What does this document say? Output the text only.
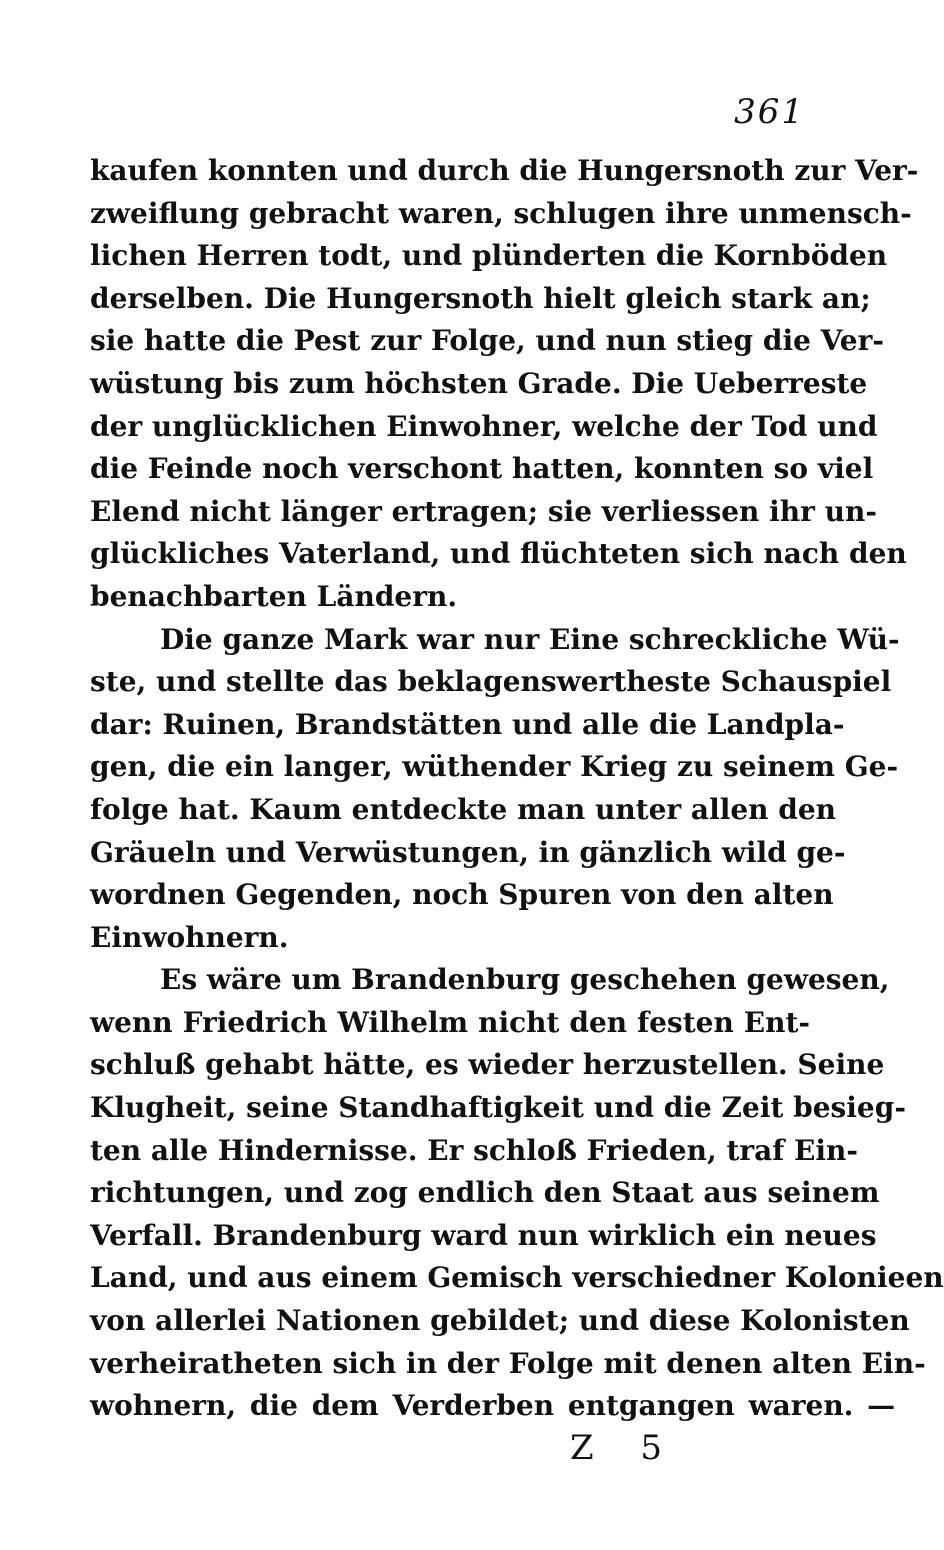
361
kaufen konnten und durch die Hungersnoth zur Ver-
zweiflung gebracht waren, schlugen ihre unmensch-
lichen Herren todt, und plünderten die Kornböden
derselben. Die Hungersnoth hielt gleich stark an;
sie hatte die Pest zur Folge, und nun stieg die Ver-
wüstung bis zum höchsten Grade. Die Ueberreste
der unglücklichen Einwohner, welche der Tod und
die Feinde noch verschont hatten, konnten so viel
Elend nicht länger ertragen; sie verliessen ihr un-
glückliches Vaterland, und flüchteten sich nach den
benachbarten Ländern.
Die ganze Mark war nur Eine schreckliche Wü-
ste, und stellte das beklagenswertheste Schauspiel
dar: Ruinen, Brandstätten und alle die Landpla-
gen, die ein langer, wüthender Krieg zu seinem Ge-
folge hat. Kaum entdeckte man unter allen den
Gräueln und Verwüstungen, in gänzlich wild ge-
wordnen Gegenden, noch Spuren von den alten
Einwohnern.
Es wäre um Brandenburg geschehen gewesen,
wenn Friedrich Wilhelm nicht den festen Ent-
schluß gehabt hätte, es wieder herzustellen. Seine
Klugheit, seine Standhaftigkeit und die Zeit besieg-
ten alle Hindernisse. Er schloß Frieden, traf Ein-
richtungen, und zog endlich den Staat aus seinem
Verfall. Brandenburg ward nun wirklich ein neues
Land, und aus einem Gemisch verschiedner Kolonieen
von allerlei Nationen gebildet; und diese Kolonisten
verheiratheten sich in der Folge mit denen alten Ein-
wohnern, die dem Verderben entgangen waren. —
Z 5
